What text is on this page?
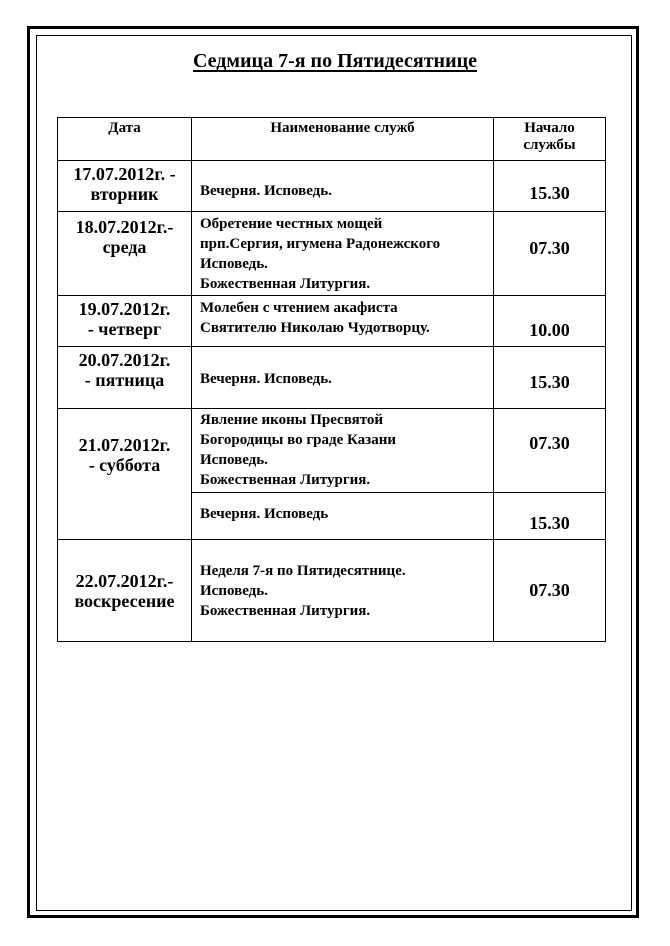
Седмица 7-я по Пятидесятнице
Дата	Наименование служб	Начало
службы

17.07.2012г. -
вторник	Вечерня. Исповедь.	15.30

18.07.2012г.-
среда	Обретение честных мощей
прп.Сергия, игумена Радонежского
Исповедь.
Божественная Литургия.	07.30

19.07.2012г.
- четверг	Молебен с чтением акафиста
Святителю Николаю Чудотворцу.	10.00

20.07.2012г.
- пятница	Вечерня. Исповедь.	15.30

21.07.2012г.
- суббота	Явление иконы Пресвятой
Богородицы во граде Казани
Исповедь.
Божественная Литургия.	07.30

	Вечерня. Исповедь	15.30

22.07.2012г.-
воскресение	Неделя 7-я по Пятидесятнице.
Исповедь.
Божественная Литургия.	07.30
